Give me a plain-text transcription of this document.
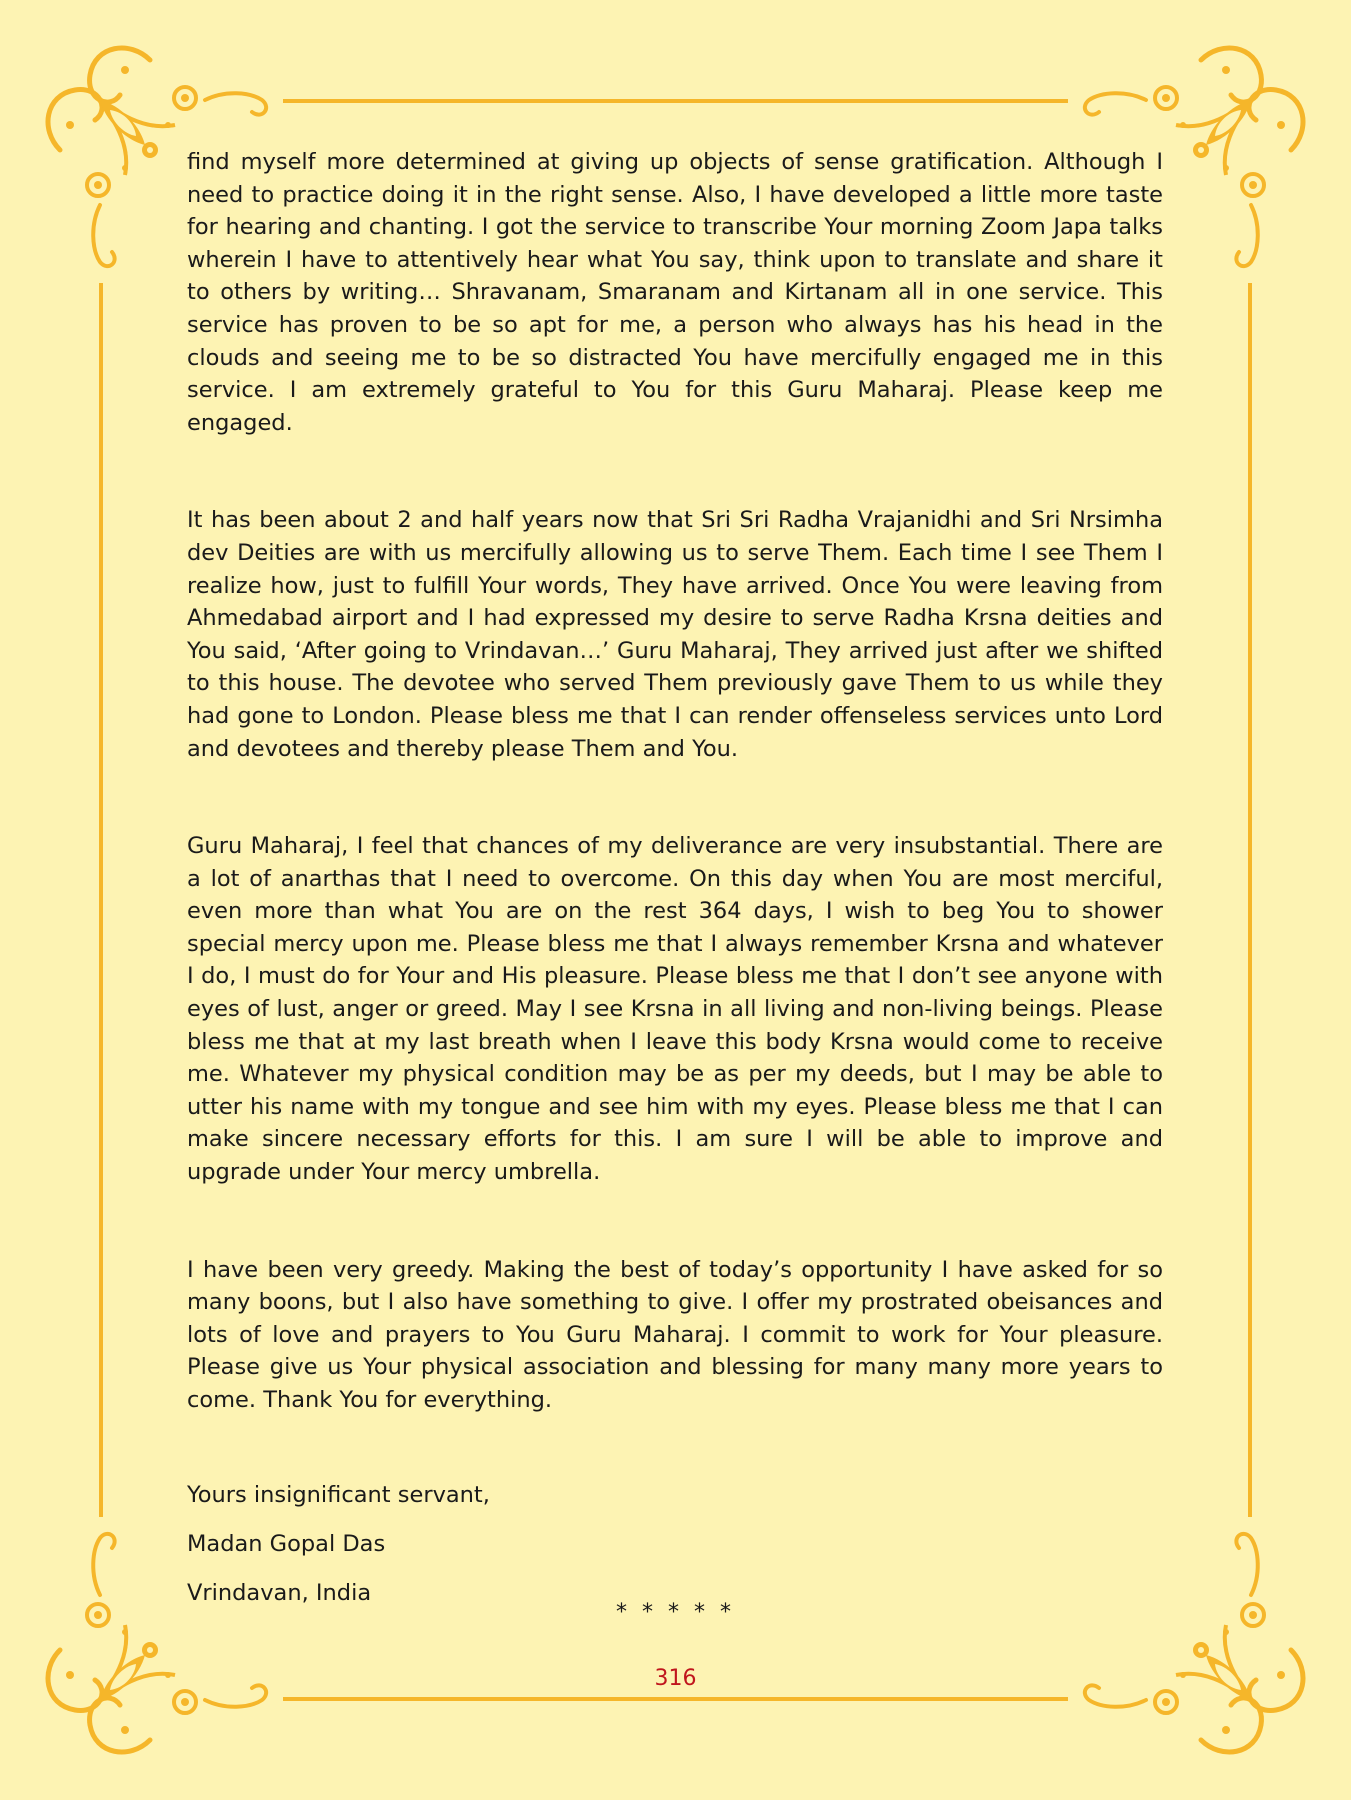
find myself more determined at giving up objects of sense gratification. Although I need to practice doing it in the right sense. Also, I have developed a little more taste for hearing and chanting. I got the service to transcribe Your morning Zoom Japa talks wherein I have to attentively hear what You say, think upon to translate and share it to others by writing… Shravanam, Smaranam and Kirtanam all in one service. This service has proven to be so apt for me, a person who always has his head in the clouds and seeing me to be so distracted You have mercifully engaged me in this service. I am extremely grateful to You for this Guru Maharaj. Please keep me engaged.

It has been about 2 and half years now that Sri Sri Radha Vrajanidhi and Sri Nrsimha dev Deities are with us mercifully allowing us to serve Them. Each time I see Them I realize how, just to fulfill Your words, They have arrived. Once You were leaving from Ahmedabad airport and I had expressed my desire to serve Radha Krsna deities and You said, ‘After going to Vrindavan…’ Guru Maharaj, They arrived just after we shifted to this house. The devotee who served Them previously gave Them to us while they had gone to London. Please bless me that I can render offenseless services unto Lord and devotees and thereby please Them and You.

Guru Maharaj, I feel that chances of my deliverance are very insubstantial. There are a lot of anarthas that I need to overcome. On this day when You are most merciful, even more than what You are on the rest 364 days, I wish to beg You to shower special mercy upon me. Please bless me that I always remember Krsna and whatever I do, I must do for Your and His pleasure. Please bless me that I don’t see anyone with eyes of lust, anger or greed. May I see Krsna in all living and non-living beings. Please bless me that at my last breath when I leave this body Krsna would come to receive me. Whatever my physical condition may be as per my deeds, but I may be able to utter his name with my tongue and see him with my eyes. Please bless me that I can make sincere necessary efforts for this. I am sure I will be able to improve and upgrade under Your mercy umbrella.

I have been very greedy. Making the best of today’s opportunity I have asked for so many boons, but I also have something to give. I offer my prostrated obeisances and lots of love and prayers to You Guru Maharaj. I commit to work for Your pleasure. Please give us Your physical association and blessing for many many more years to come. Thank You for everything.

Yours insignificant servant,

Madan Gopal Das

Vrindavan, India

* * * * *
316
